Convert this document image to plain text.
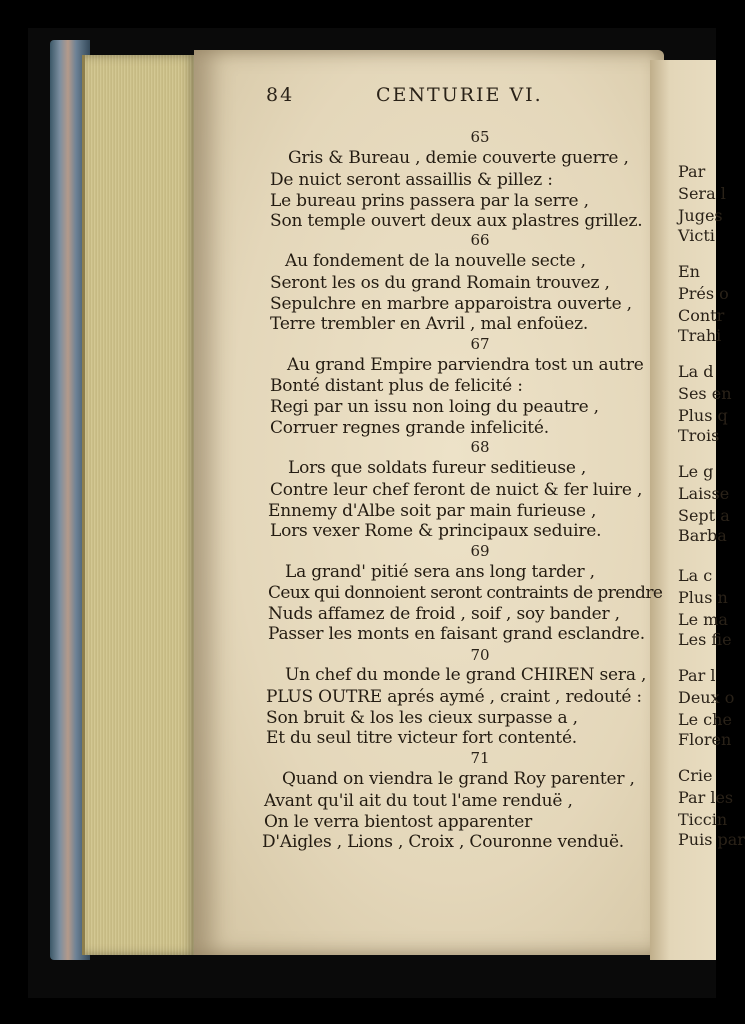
Par
Sera l
Juges
Victi
En
Prés o
Contr
Trahi
La d
Ses en
Plus q
Trois
Le g
Laisse
Sept a
Barba
La c
Plus n
Le ma
Les fie
Par l
Deux o
Le che
Floren
Crie
Par les
Ticcin
Puis par
84	CENTURIE VI.
65
Gris & Bureau , demie couverte guerre ,
De nuict seront assaillis & pillez :
Le bureau prins passera par la serre ,
Son temple ouvert deux aux plastres grillez.
66
Au fondement de la nouvelle secte ,
Seront les os du grand Romain trouvez ,
Sepulchre en marbre apparoistra ouverte ,
Terre trembler en Avril , mal enfoüez.
67
Au grand Empire parviendra tost un autre
Bonté distant plus de felicité :
Regi par un issu non loing du peautre ,
Corruer regnes grande infelicité.
68
Lors que soldats fureur seditieuse ,
Contre leur chef feront de nuict & fer luire ,
Ennemy d'Albe soit par main furieuse ,
Lors vexer Rome & principaux seduire.
69
La grand' pitié sera ans long tarder ,
Ceux qui donnoient seront contraints de prendre
Nuds affamez de froid , soif , soy bander ,
Passer les monts en faisant grand esclandre.
70
Un chef du monde le grand CHIREN sera ,
PLUS OUTRE aprés aymé , craint , redouté :
Son bruit & los les cieux surpasse a ,
Et du seul titre victeur fort contenté.
71
Quand on viendra le grand Roy parenter ,
Avant qu'il ait du tout l'ame renduë ,
On le verra bientost apparenter
D'Aigles , Lions , Croix , Couronne venduë.
